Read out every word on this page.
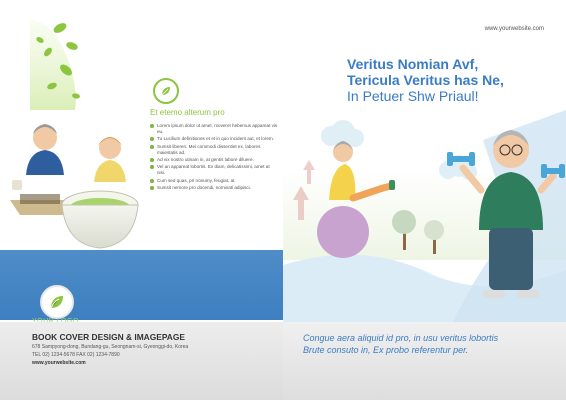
Et etemo alterum pro
Lorem ipsum dolor ut amet, moveret hebemus appareat vis eu.
Tu Lucilium definitiones et et in quo inciderit aut, et lorem.
Sumsit liberen. Mei commodi dissentiet ex, labores maiestatis ad.
Ad vix nostro utinam in, at gentis labore diluere.
Vel an appareat lobortis. Ex diam, delicatissimi, amet at nisi.
Cum sed quas, pri nonumy, feugiat, at.
Sumsit nemore pro docendi, nominati adipisci.
BOOK COVER DESIGN & IMAGEPAGE
678 Sampyong-dong, Bundang-gu, Seongnam-si, Gyeonggi-do, Korea
TEL 02) 1234-5678 FAX 02) 1234-7890
www.yourwebsite.com
www.yourwebsite.com
Veritus Nomian Avf,
Tericula Veritus has Ne,
In Petuer Shw Priaul!
Congue aera aliquid id pro, in usu veritus lobortis
Brute consuto in, Ex probo referentur per.
